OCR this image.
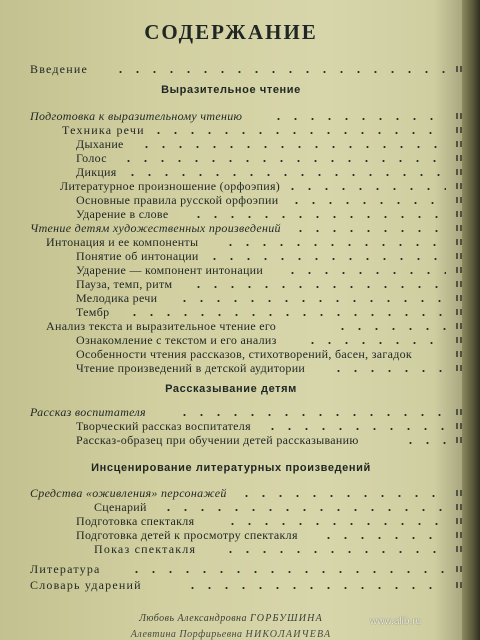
СОДЕРЖАНИЕ
Введение
Выразительное чтение
Подготовка к выразительному чтению
Техника речи
Дыхание
Голос
Дикция
Литературное произношение (орфоэпия)
Основные правила русской орфоэпии
Ударение в слове
Чтение детям художественных произведений
Интонация и ее компоненты
Понятие об интонации
Ударение — компонент интонации
Пауза, темп, ритм
Мелодика речи
Тембр
Анализ текста и выразительное чтение его
Ознакомление с текстом и его анализ
Особенности чтения рассказов, стихотворений, басен, загадок
Чтение произведений в детской аудитории
Рассказывание детям
Рассказ воспитателя
Творческий рассказ воспитателя
Рассказ-образец при обучении детей рассказыванию
Инсценирование литературных произведений
Средства «оживления» персонажей
Сценарий
Подготовка спектакля
Подготовка детей к просмотру спектакля
Показ спектакля
Литература
Словарь ударений
Любовь Александровна ГОРБУШИНА
Алевтина Порфирьевна НИКОЛАИЧЕВА
www.alib.ru
